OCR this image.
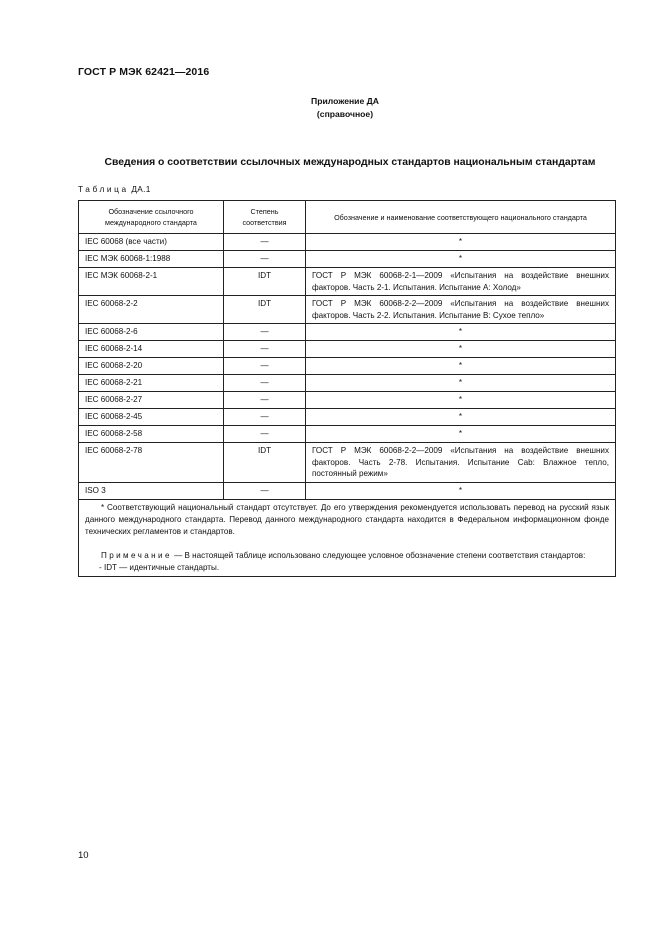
ГОСТ Р МЭК 62421—2016
Приложение ДА
(справочное)
Сведения о соответствии ссылочных международных стандартов национальным стандартам
Таблица ДА.1
Обозначение ссылочного международного стандарта	Степень соответствия	Обозначение и наименование соответствующего национального стандарта
IEC 60068 (все части)	—	*
IEC МЭК 60068-1:1988	—	*
IEC МЭК 60068-2-1	IDT	ГОСТ Р МЭК 60068-2-1—2009 «Испытания на воздействие внешних факторов. Часть 2-1. Испытания. Испытание А: Холод»
IEC 60068-2-2	IDT	ГОСТ Р МЭК 60068-2-2—2009 «Испытания на воздействие внешних факторов. Часть 2-2. Испытания. Испытание В: Сухое тепло»
IEC 60068-2-6	—	*
IEC 60068-2-14	—	*
IEC 60068-2-20	—	*
IEC 60068-2-21	—	*
IEC 60068-2-27	—	*
IEC 60068-2-45	—	*
IEC 60068-2-58	—	*
IEC 60068-2-78	IDT	ГОСТ Р МЭК 60068-2-2—2009 «Испытания на воздействие внешних факторов. Часть 2-78. Испытания. Испытание Cab: Влажное тепло, постоянный режим»
ISO 3	—	*

* Соответствующий национальный стандарт отсутствует. До его утверждения рекомендуется использовать перевод на русский язык данного международного стандарта. Перевод данного международного стандарта находится в Федеральном информационном фонде технических регламентов и стандартов.

Примечание — В настоящей таблице использовано следующее условное обозначение степени соответствия стандартов:

- IDT — идентичные стандарты.		

10
